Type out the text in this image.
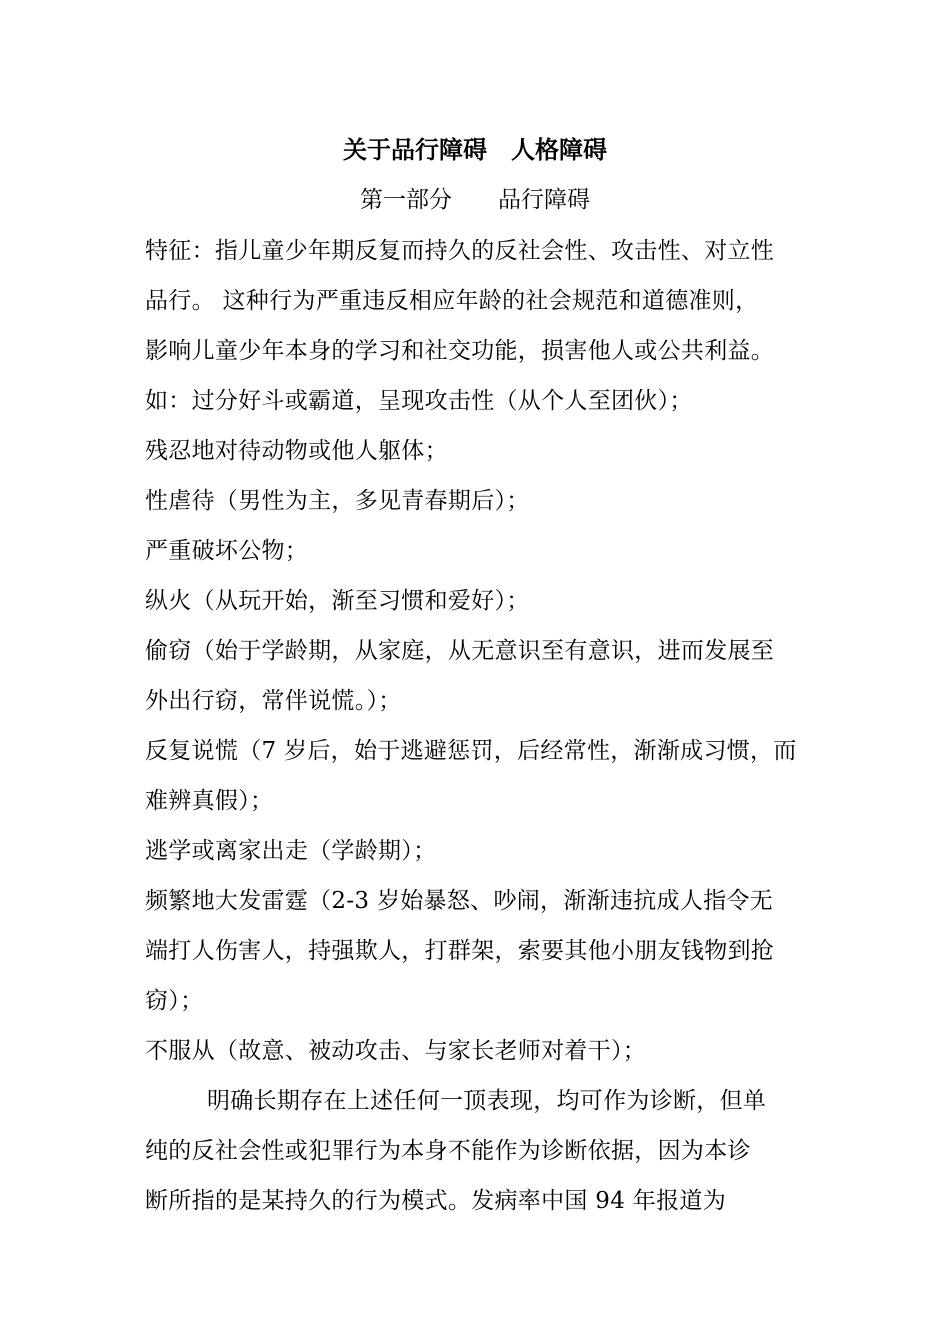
关于品行障碍　人格障碍
第一部分　　品行障碍
特征：指儿童少年期反复而持久的反社会性、攻击性、对立性
品行。 这种行为严重违反相应年龄的社会规范和道德准则，
影响儿童少年本身的学习和社交功能，损害他人或公共利益。
如：过分好斗或霸道，呈现攻击性（从个人至团伙）；
残忍地对待动物或他人躯体；
性虐待（男性为主，多见青春期后）；
严重破坏公物；
纵火（从玩开始，渐至习惯和爱好）；
偷窃（始于学龄期，从家庭，从无意识至有意识，进而发展至
外出行窃，常伴说慌。）；
反复说慌（7 岁后，始于逃避惩罚，后经常性，渐渐成习惯，而
难辨真假）；
逃学或离家出走（学龄期）；
频繁地大发雷霆（2-3 岁始暴怒、吵闹，渐渐违抗成人指令无
端打人伤害人，持强欺人，打群架，索要其他小朋友钱物到抢
窃）；
不服从（故意、被动攻击、与家长老师对着干）；
明确长期存在上述任何一顶表现，均可作为诊断，但单
纯的反社会性或犯罪行为本身不能作为诊断依据，因为本诊
断所指的是某持久的行为模式。发病率中国 94 年报道为
